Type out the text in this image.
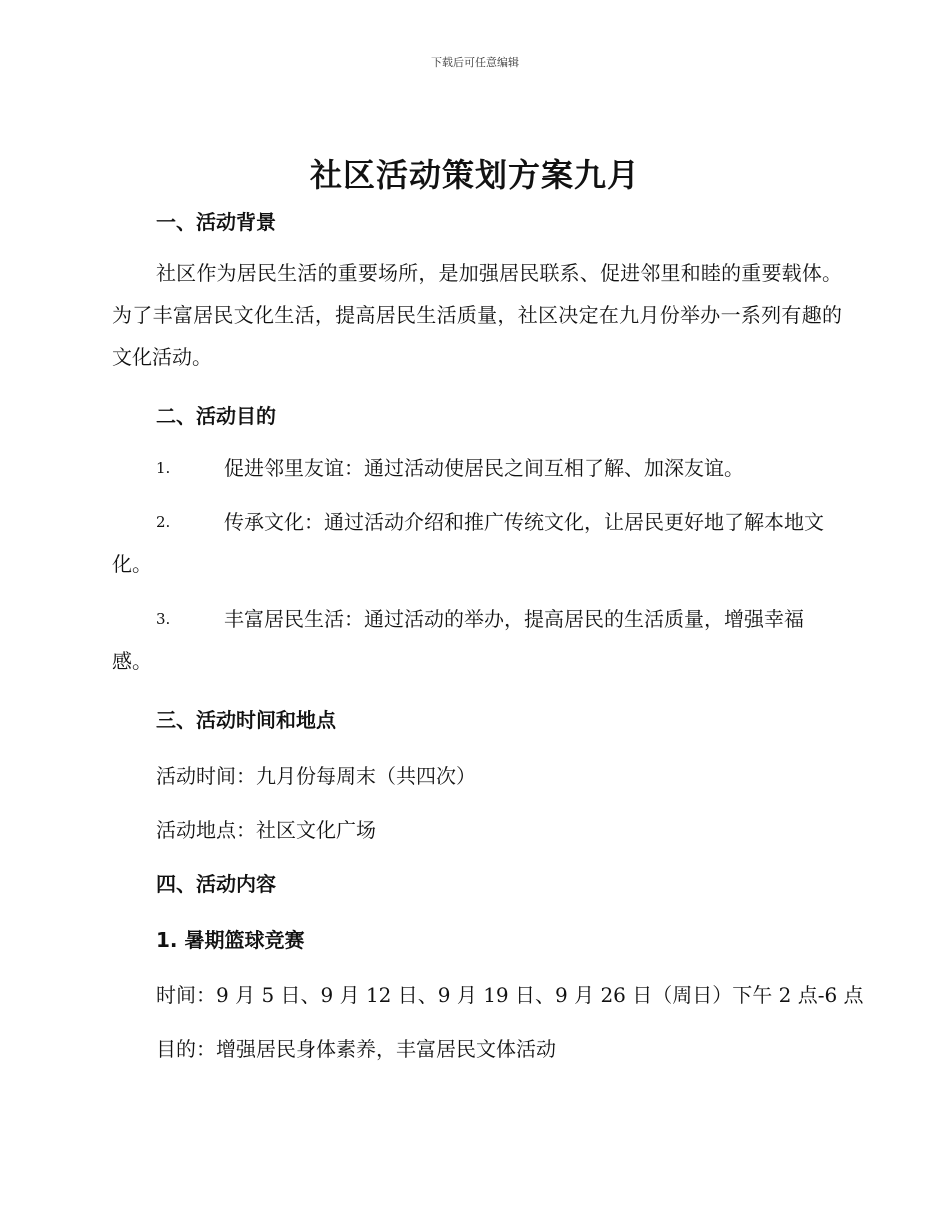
下载后可任意编辑
社区活动策划方案九月
一、活动背景

社区作为居民生活的重要场所，是加强居民联系、促进邻里和睦的重要载体。为了丰富居民文化生活，提高居民生活质量，社区决定在九月份举办一系列有趣的文化活动。

二、活动目的

1.	促进邻里友谊：通过活动使居民之间互相了解、加深友谊。

2.	传承文化：通过活动介绍和推广传统文化，让居民更好地了解本地文化。

3.	丰富居民生活：通过活动的举办，提高居民的生活质量，增强幸福感。

三、活动时间和地点

活动时间：九月份每周末（共四次）

活动地点：社区文化广场

四、活动内容
1. 暑期篮球竞赛

时间：9 月 5 日、9 月 12 日、9 月 19 日、9 月 26 日（周日）下午 2 点-6 点

目的：增强居民身体素养，丰富居民文体活动
